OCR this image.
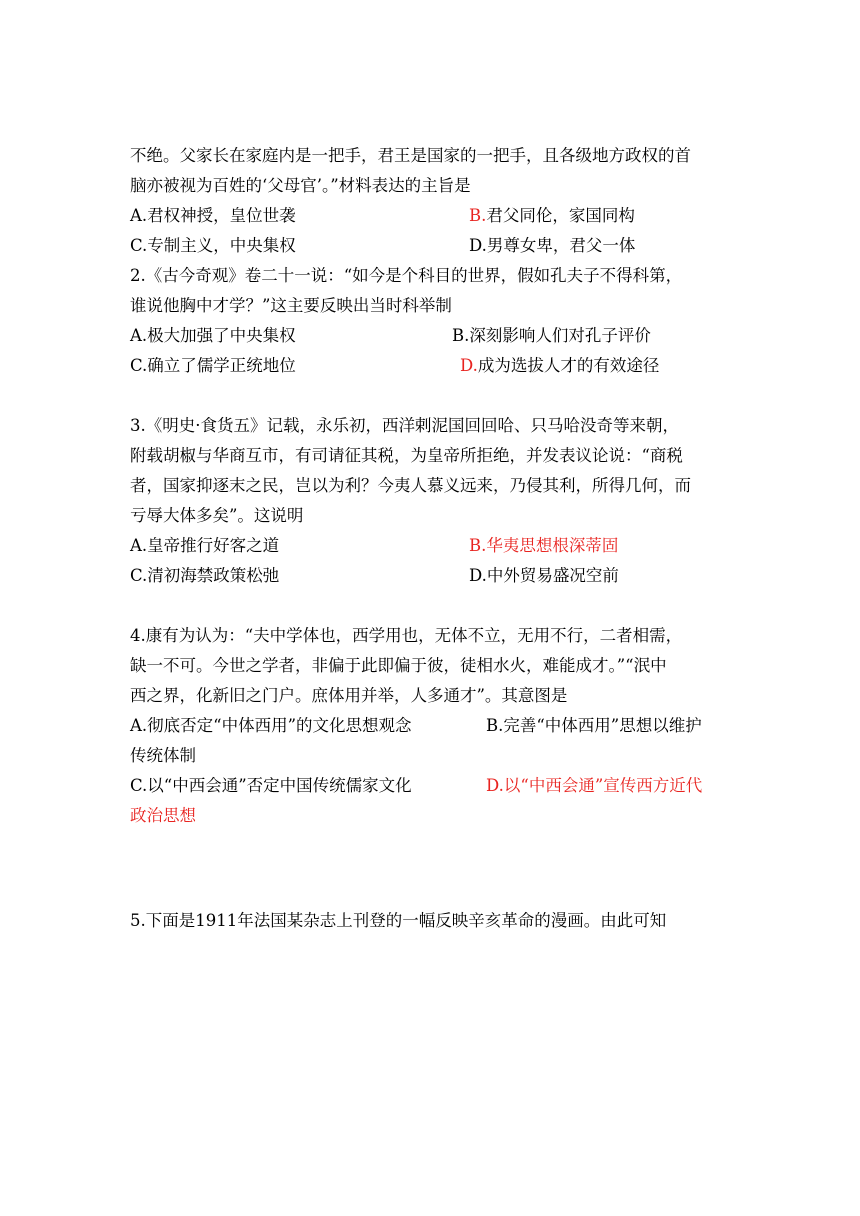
不绝。父家长在家庭内是一把手，君王是国家的一把手，且各级地方政权的首
脑亦被视为百姓的‘父母官’。”材料表达的主旨是
A.君权神授，皇位世袭	B.君父同伦，家国同构
C.专制主义，中央集权	D.男尊女卑，君父一体
2.《古今奇观》卷二十一说：“如今是个科目的世界，假如孔夫子不得科第，
谁说他胸中才学？”这主要反映出当时科举制
A.极大加强了中央集权	B.深刻影响人们对孔子评价
C.确立了儒学正统地位	D.成为选拔人才的有效途径
3.《明史·食货五》记载，永乐初，西洋剌泥国回回哈、只马哈没奇等来朝，
附载胡椒与华商互市，有司请征其税，为皇帝所拒绝，并发表议论说：“商税
者，国家抑逐末之民，岂以为利？今夷人慕义远来，乃侵其利，所得几何，而
亏辱大体多矣”。这说明
A.皇帝推行好客之道	B.华夷思想根深蒂固
C.清初海禁政策松弛	D.中外贸易盛况空前
4.康有为认为：“夫中学体也，西学用也，无体不立，无用不行，二者相需，
缺一不可。今世之学者，非偏于此即偏于彼，徒相水火，难能成才。”“泯中
西之界，化新旧之门户。庶体用并举，人多通才”。其意图是
A.彻底否定“中体西用”的文化思想观念	B.完善“中体西用”思想以维护
传统体制
C.以“中西会通”否定中国传统儒家文化	D.以“中西会通”宣传西方近代
政治思想
5.下面是1911年法国某杂志上刊登的一幅反映辛亥革命的漫画。由此可知
